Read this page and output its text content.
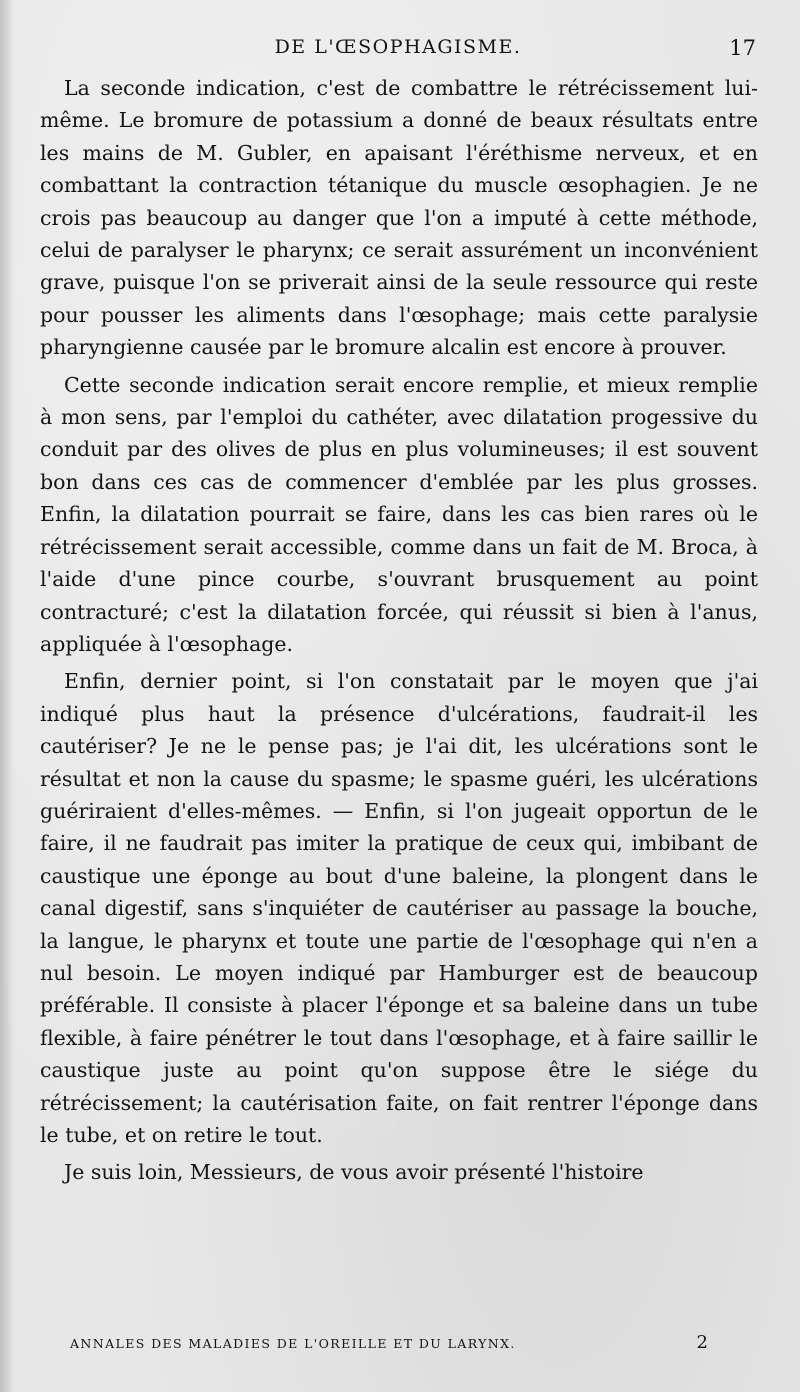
DE L'ŒSOPHAGISME.	17

La seconde indication, c'est de combattre le rétrécissement lui-même. Le bromure de potassium a donné de beaux résultats entre les mains de M. Gubler, en apaisant l'éréthisme nerveux, et en combattant la contraction tétanique du muscle œsophagien. Je ne crois pas beaucoup au danger que l'on a imputé à cette méthode, celui de paralyser le pharynx; ce serait assurément un inconvénient grave, puisque l'on se priverait ainsi de la seule ressource qui reste pour pousser les aliments dans l'œsophage; mais cette paralysie pharyngienne causée par le bromure alcalin est encore à prouver.

Cette seconde indication serait encore remplie, et mieux remplie à mon sens, par l'emploi du cathéter, avec dilatation progessive du conduit par des olives de plus en plus volumineuses; il est souvent bon dans ces cas de commencer d'emblée par les plus grosses. Enfin, la dilatation pourrait se faire, dans les cas bien rares où le rétrécissement serait accessible, comme dans un fait de M. Broca, à l'aide d'une pince courbe, s'ouvrant brusquement au point contracturé; c'est la dilatation forcée, qui réussit si bien à l'anus, appliquée à l'œsophage.

Enfin, dernier point, si l'on constatait par le moyen que j'ai indiqué plus haut la présence d'ulcérations, faudrait-il les cautériser? Je ne le pense pas; je l'ai dit, les ulcérations sont le résultat et non la cause du spasme; le spasme guéri, les ulcérations guériraient d'elles-mêmes. — Enfin, si l'on jugeait opportun de le faire, il ne faudrait pas imiter la pratique de ceux qui, imbibant de caustique une éponge au bout d'une baleine, la plongent dans le canal digestif, sans s'inquiéter de cautériser au passage la bouche, la langue, le pharynx et toute une partie de l'œsophage qui n'en a nul besoin. Le moyen indiqué par Hamburger est de beaucoup préférable. Il consiste à placer l'éponge et sa baleine dans un tube flexible, à faire pénétrer le tout dans l'œsophage, et à faire saillir le caustique juste au point qu'on suppose être le siége du rétrécissement; la cautérisation faite, on fait rentrer l'éponge dans le tube, et on retire le tout.

Je suis loin, Messieurs, de vous avoir présenté l'histoire

ANNALES DES MALADIES DE L'OREILLE ET DU LARYNX.	2
